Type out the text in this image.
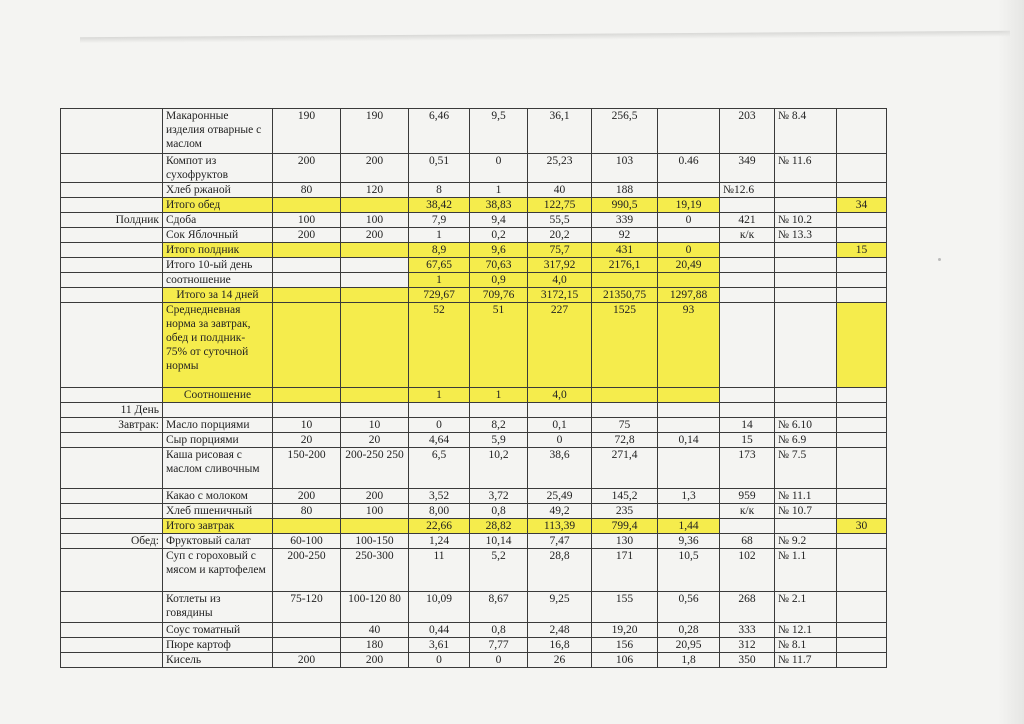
	Макаронные изделия отварные с маслом	190	190	6,46	9,5	36,1	256,5		203	№ 8.4	
	Компот из сухофруктов	200	200	0,51	0	25,23	103	0.46	349	№ 11.6	
	Хлеб ржаной	80	120	8	1	40	188		№12.6		
	Итого обед			38,42	38,83	122,75	990,5	19,19			34
Полдник	Сдоба	100	100	7,9	9,4	55,5	339	0	421	№ 10.2	
	Сок Яблочный	200	200	1	0,2	20,2	92		к/к	№ 13.3	
	Итого полдник			8,9	9,6	75,7	431	0			15
	Итого 10-ый день			67,65	70,63	317,92	2176,1	20,49			
	соотношение			1	0,9	4,0					
	Итого за 14 дней			729,67	709,76	3172,15	21350,75	1297,88			
	Среднедневная норма за завтрак, обед и полдник- 75% от суточной нормы			52	51	227	1525	93			
	Соотношение			1	1	4,0					
11 День											
Завтрак:	Масло порциями	10	10	0	8,2	0,1	75		14	№ 6.10	
	Сыр порциями	20	20	4,64	5,9	0	72,8	0,14	15	№ 6.9	
	Каша рисовая с маслом сливочным	150-200	200-250 250	6,5	10,2	38,6	271,4		173	№ 7.5	
	Какао с молоком	200	200	3,52	3,72	25,49	145,2	1,3	959	№ 11.1	
	Хлеб пшеничный	80	100	8,00	0,8	49,2	235		к/к	№ 10.7	
	Итого завтрак			22,66	28,82	113,39	799,4	1,44			30
Обед:	Фруктовый салат	60-100	100-150	1,24	10,14	7,47	130	9,36	68	№ 9.2	
	Суп с гороховый с мясом и картофелем	200-250	250-300	11	5,2	28,8	171	10,5	102	№ 1.1	
	Котлеты из говядины	75-120	100-120 80	10,09	8,67	9,25	155	0,56	268	№ 2.1	
	Соус томатный		40	0,44	0,8	2,48	19,20	0,28	333	№ 12.1	
	Пюре картоф		180	3,61	7,77	16,8	156	20,95	312	№ 8.1	
	Кисель	200	200	0	0	26	106	1,8	350	№ 11.7	
